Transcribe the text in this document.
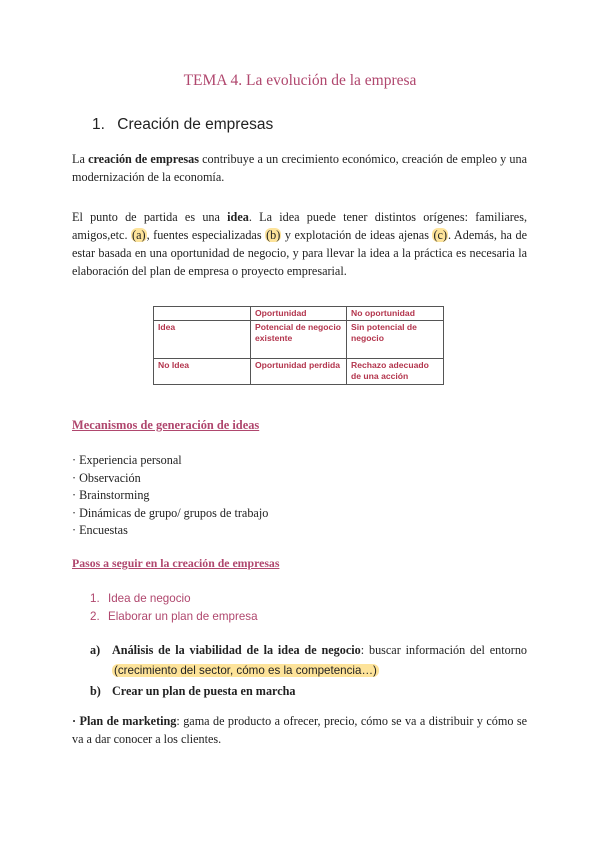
TEMA 4. La evolución de la empresa
1. Creación de empresas

La creación de empresas contribuye a un crecimiento económico, creación de empleo y una modernización de la economía.

El punto de partida es una idea. La idea puede tener distintos orígenes: familiares, amigos,etc. (a), fuentes especializadas (b) y explotación de ideas ajenas (c). Además, ha de estar basada en una oportunidad de negocio, y para llevar la idea a la práctica es necesaria la elaboración del plan de empresa o proyecto empresarial.

	Oportunidad	No oportunidad
Idea	Potencial de negocio existente	Sin potencial de negocio
No Idea	Oportunidad perdida	Rechazo adecuado de una acción
Mecanismos de generación de ideas
· Experiencia personal
· Observación
· Brainstorming
· Dinámicas de grupo/ grupos de trabajo
· Encuestas
Pasos a seguir en la creación de empresas
1. Idea de negocio
2. Elaborar un plan de empresa
a) Análisis de la viabilidad de la idea de negocio: buscar información del entorno (crecimiento del sector, cómo es la competencia…)
b) Crear un plan de puesta en marcha

· Plan de marketing: gama de producto a ofrecer, precio, cómo se va a distribuir y cómo se va a dar conocer a los clientes.
